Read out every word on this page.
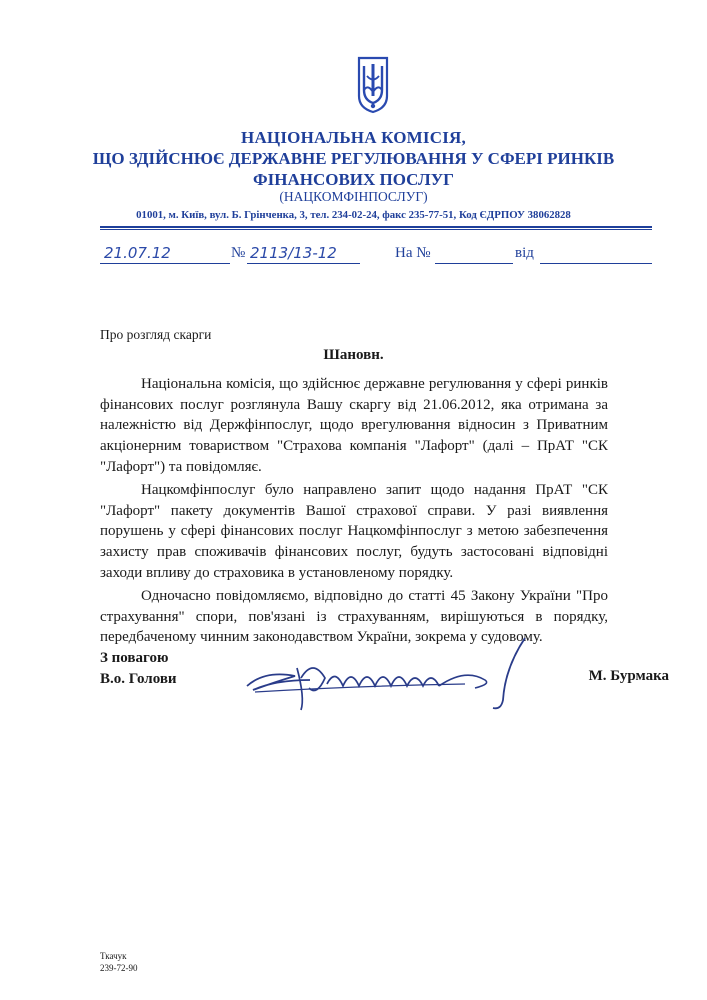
НАЦІОНАЛЬНА КОМІСІЯ,
ЩО ЗДІЙСНЮЄ ДЕРЖАВНЕ РЕГУЛЮВАННЯ У СФЕРІ РИНКІВ
ФІНАНСОВИХ ПОСЛУГ
(НАЦКОМФІНПОСЛУГ)
01001, м. Київ, вул. Б. Грінченка, 3, тел. 234-02-24, факс 235-77-51, Код ЄДРПОУ 38062828
21.07.12	№ 2113/13-12	На №	від
Про розгляд скарги
Шановн.

Національна комісія, що здійснює державне регулювання у сфері ринків фінансових послуг розглянула Вашу скаргу від 21.06.2012, яка отримана за належністю від Держфінпослуг, щодо врегулювання відносин з Приватним акціонерним товариством "Страхова компанія "Лафорт" (далі – ПрАТ "СК "Лафорт") та повідомляє.

Нацкомфінпослуг було направлено запит щодо надання ПрАТ "СК "Лафорт" пакету документів Вашої страхової справи. У разі виявлення порушень у сфері фінансових послуг Нацкомфінпослуг з метою забезпечення захисту прав споживачів фінансових послуг, будуть застосовані відповідні заходи впливу до страховика в установленому порядку.

Одночасно повідомляємо, відповідно до статті 45 Закону України "Про страхування" спори, пов'язані із страхуванням, вирішуються в порядку, передбаченому чинним законодавством України, зокрема у судовому.

З повагою
В.о. Голови	М. Бурмака
Ткачук
239-72-90
